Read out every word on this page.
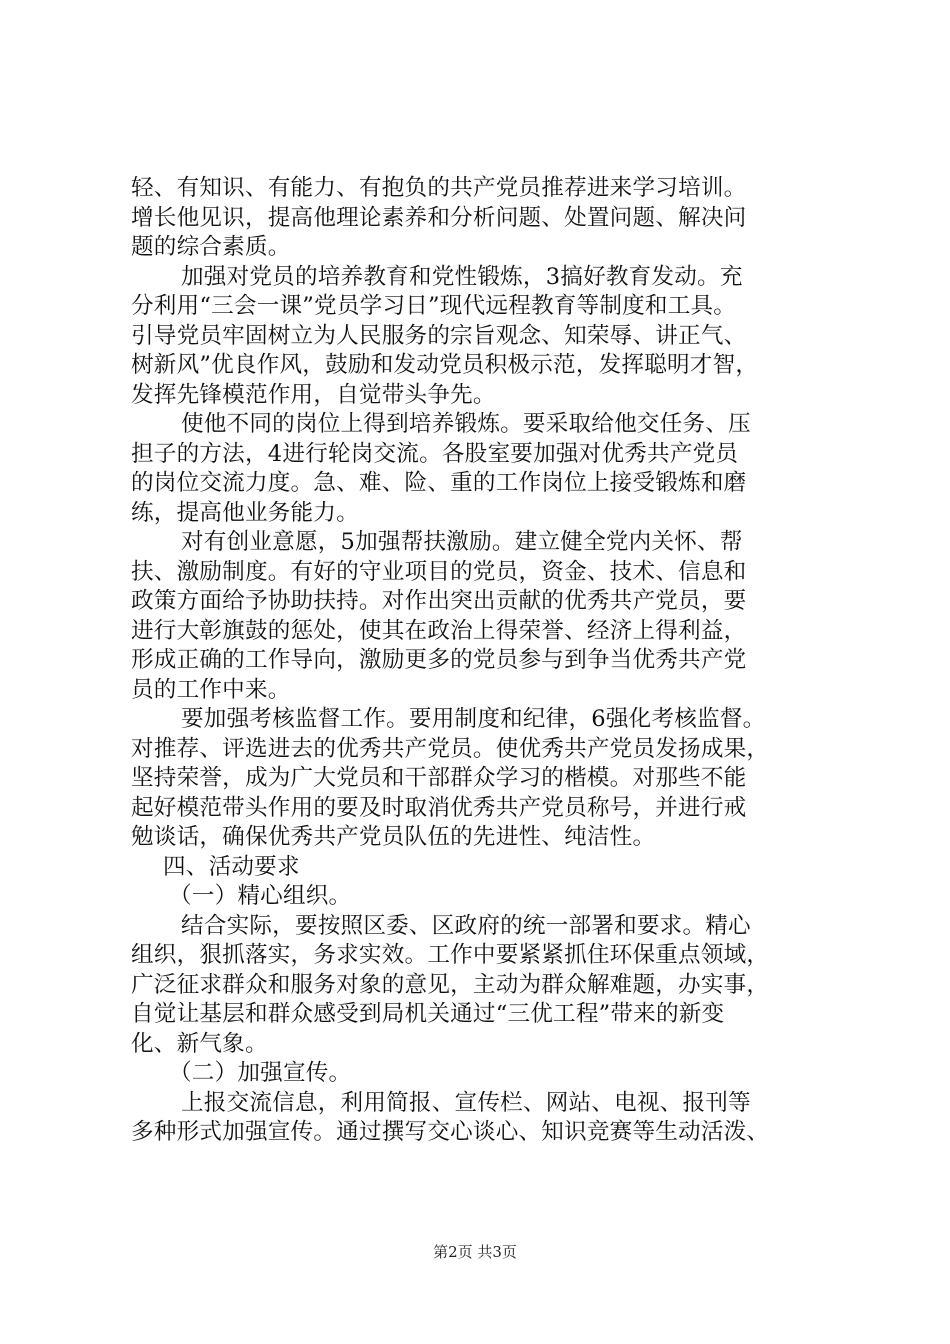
轻、有知识、有能力、有抱负的共产党员推荐进来学习培训。
增长他见识，提高他理论素养和分析问题、处置问题、解决问
题的综合素质。
加强对党员的培养教育和党性锻炼，3搞好教育发动。充
分利用“三会一课”党员学习日”现代远程教育等制度和工具。
引导党员牢固树立为人民服务的宗旨观念、知荣辱、讲正气、
树新风”优良作风，鼓励和发动党员积极示范，发挥聪明才智，
发挥先锋模范作用，自觉带头争先。
使他不同的岗位上得到培养锻炼。要采取给他交任务、压
担子的方法，4进行轮岗交流。各股室要加强对优秀共产党员
的岗位交流力度。急、难、险、重的工作岗位上接受锻炼和磨
练，提高他业务能力。
对有创业意愿，5加强帮扶激励。建立健全党内关怀、帮
扶、激励制度。有好的守业项目的党员，资金、技术、信息和
政策方面给予协助扶持。对作出突出贡献的优秀共产党员，要
进行大彰旗鼓的惩处，使其在政治上得荣誉、经济上得利益，
形成正确的工作导向，激励更多的党员参与到争当优秀共产党
员的工作中来。
要加强考核监督工作。要用制度和纪律，6强化考核监督。
对推荐、评选进去的优秀共产党员。使优秀共产党员发扬成果，
坚持荣誉，成为广大党员和干部群众学习的楷模。对那些不能
起好模范带头作用的要及时取消优秀共产党员称号，并进行戒
勉谈话，确保优秀共产党员队伍的先进性、纯洁性。
四、活动要求
（一）精心组织。
结合实际，要按照区委、区政府的统一部署和要求。精心
组织，狠抓落实，务求实效。工作中要紧紧抓住环保重点领域，
广泛征求群众和服务对象的意见，主动为群众解难题，办实事，
自觉让基层和群众感受到局机关通过“三优工程”带来的新变
化、新气象。
（二）加强宣传。
上报交流信息，利用简报、宣传栏、网站、电视、报刊等
多种形式加强宣传。通过撰写交心谈心、知识竞赛等生动活泼、
第2页 共3页
